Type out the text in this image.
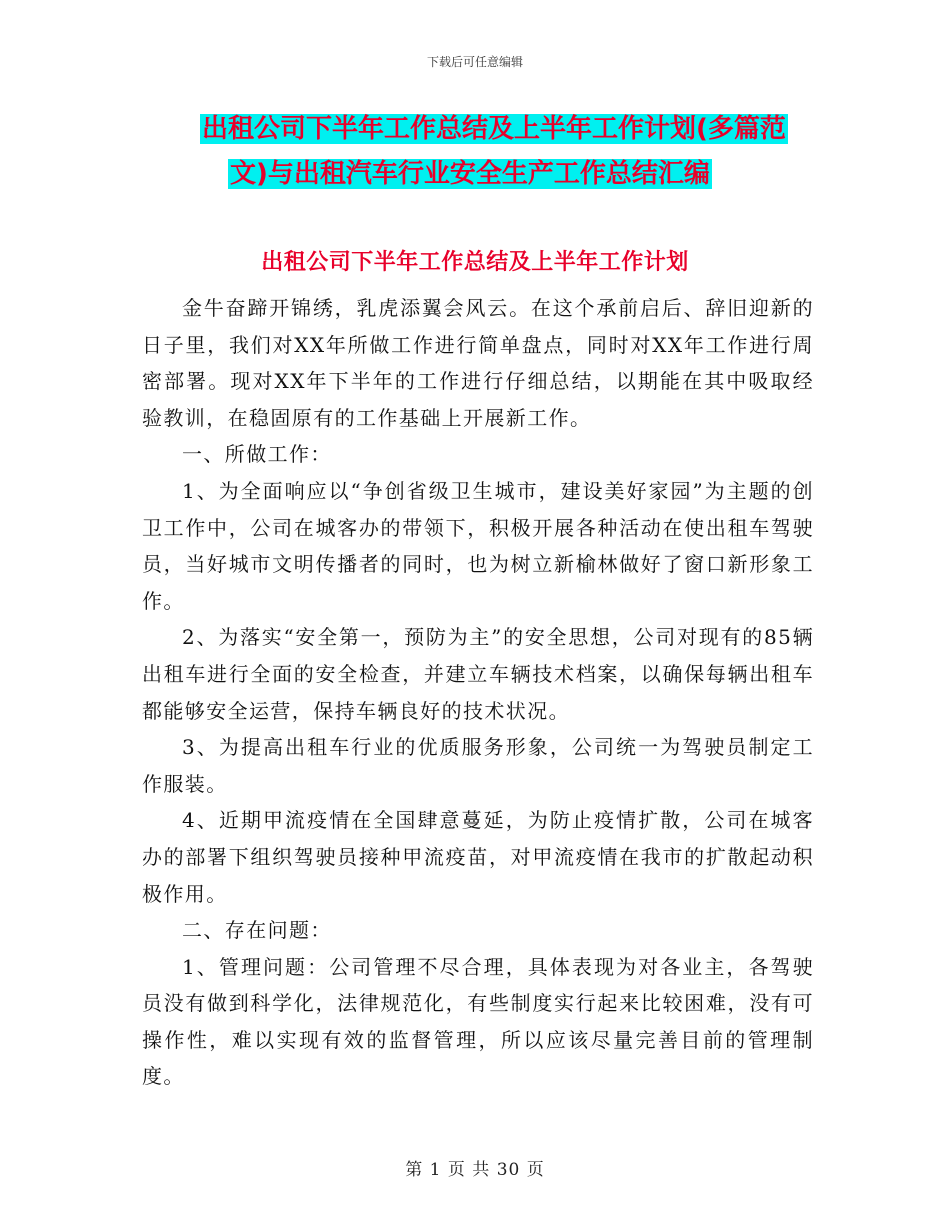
下载后可任意编辑
出租公司下半年工作总结及上半年工作计划(多篇范
文)与出租汽车行业安全生产工作总结汇编
出租公司下半年工作总结及上半年工作计划

金牛奋蹄开锦绣，乳虎添翼会风云。在这个承前启后、辞旧迎新的日子里，我们对XX年所做工作进行简单盘点，同时对XX年工作进行周密部署。现对XX年下半年的工作进行仔细总结，以期能在其中吸取经验教训，在稳固原有的工作基础上开展新工作。

一、所做工作：

1、为全面响应以“争创省级卫生城市，建设美好家园”为主题的创卫工作中，公司在城客办的带领下，积极开展各种活动在使出租车驾驶员，当好城市文明传播者的同时，也为树立新榆林做好了窗口新形象工作。

2、为落实“安全第一，预防为主”的安全思想，公司对现有的85辆出租车进行全面的安全检查，并建立车辆技术档案，以确保每辆出租车都能够安全运营，保持车辆良好的技术状况。

3、为提高出租车行业的优质服务形象，公司统一为驾驶员制定工作服装。

4、近期甲流疫情在全国肆意蔓延，为防止疫情扩散，公司在城客办的部署下组织驾驶员接种甲流疫苗，对甲流疫情在我市的扩散起动积极作用。

二、存在问题：

1、管理问题：公司管理不尽合理，具体表现为对各业主，各驾驶员没有做到科学化，法律规范化，有些制度实行起来比较困难，没有可操作性，难以实现有效的监督管理，所以应该尽量完善目前的管理制度。

第 1 页 共 30 页
